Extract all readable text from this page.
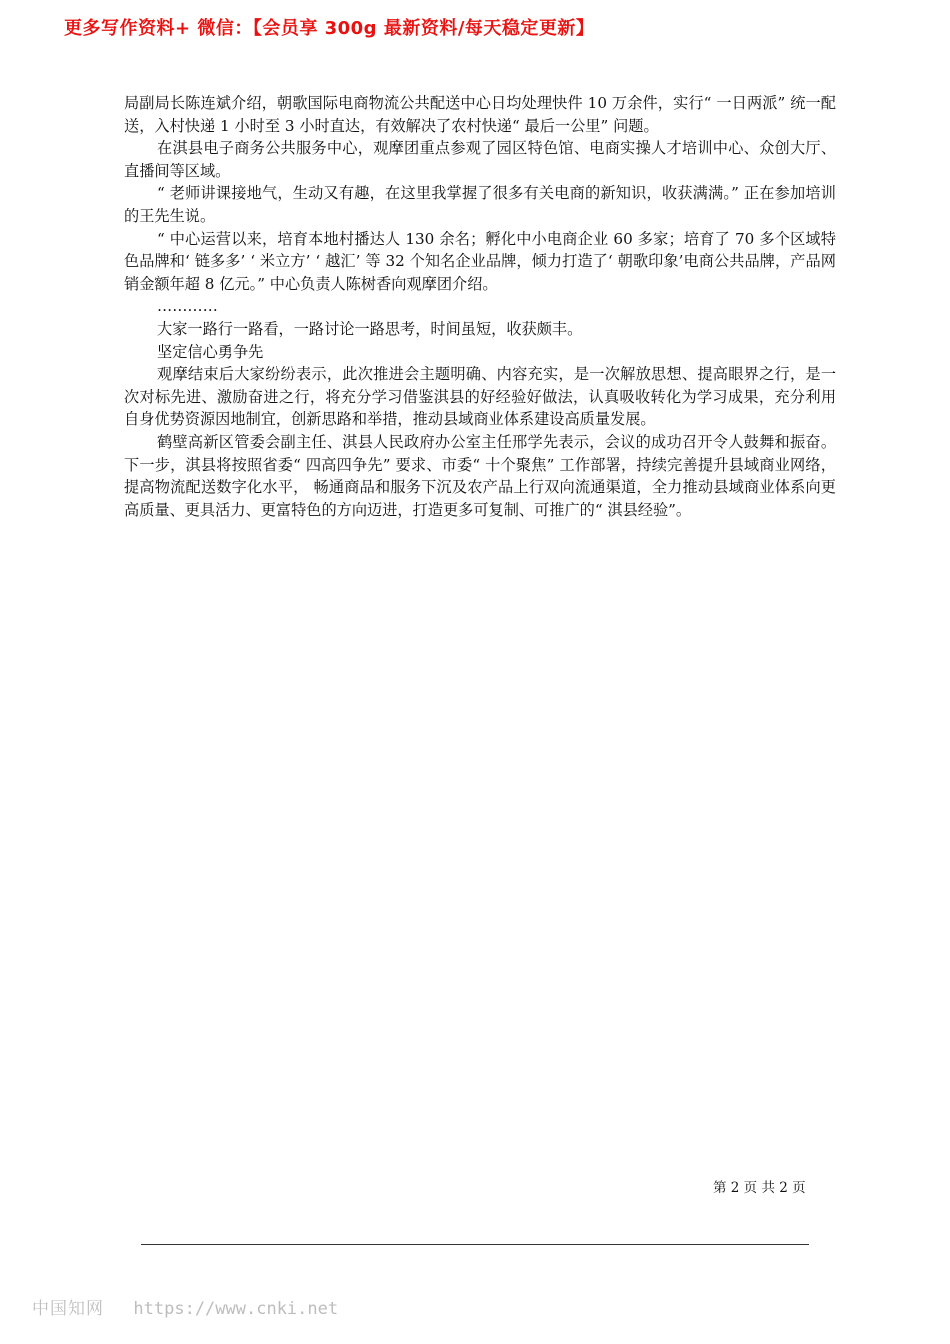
更多写作资料+ 微信：【会员享 300g 最新资料/每天稳定更新】

局副局长陈连斌介绍，朝歌国际电商物流公共配送中心日均处理快件 10 万余件，实行“ 一日两派” 统一配送，入村快递 1 小时至 3 小时直达，有效解决了农村快递“ 最后一公里” 问题。

在淇县电子商务公共服务中心，观摩团重点参观了园区特色馆、电商实操人才培训中心、众创大厅、直播间等区域。

“ 老师讲课接地气，生动又有趣，在这里我掌握了很多有关电商的新知识，收获满满。” 正在参加培训的王先生说。

“ 中心运营以来，培育本地村播达人 130 余名；孵化中小电商企业 60 多家；培育了 70 多个区域特色品牌和‘ 链多多’ ‘ 米立方’ ‘ 越汇’ 等 32 个知名企业品牌，倾力打造了‘ 朝歌印象’电商公共品牌，产品网销金额年超 8 亿元。” 中心负责人陈树香向观摩团介绍。

…………

大家一路行一路看，一路讨论一路思考，时间虽短，收获颇丰。

坚定信心勇争先

观摩结束后大家纷纷表示，此次推进会主题明确、内容充实，是一次解放思想、提高眼界之行，是一次对标先进、激励奋进之行，将充分学习借鉴淇县的好经验好做法，认真吸收转化为学习成果，充分利用自身优势资源因地制宜，创新思路和举措，推动县域商业体系建设高质量发展。

鹤壁高新区管委会副主任、淇县人民政府办公室主任邢学先表示，会议的成功召开令人鼓舞和振奋。下一步，淇县将按照省委“ 四高四争先” 要求、市委“ 十个聚焦” 工作部署，持续完善提升县域商业网络， 提高物流配送数字化水平， 畅通商品和服务下沉及农产品上行双向流通渠道，全力推动县域商业体系向更高质量、更具活力、更富特色的方向迈进，打造更多可复制、可推广的“ 淇县经验”。

第 2 页 共 2 页
中国知网 https://www.cnki.net
